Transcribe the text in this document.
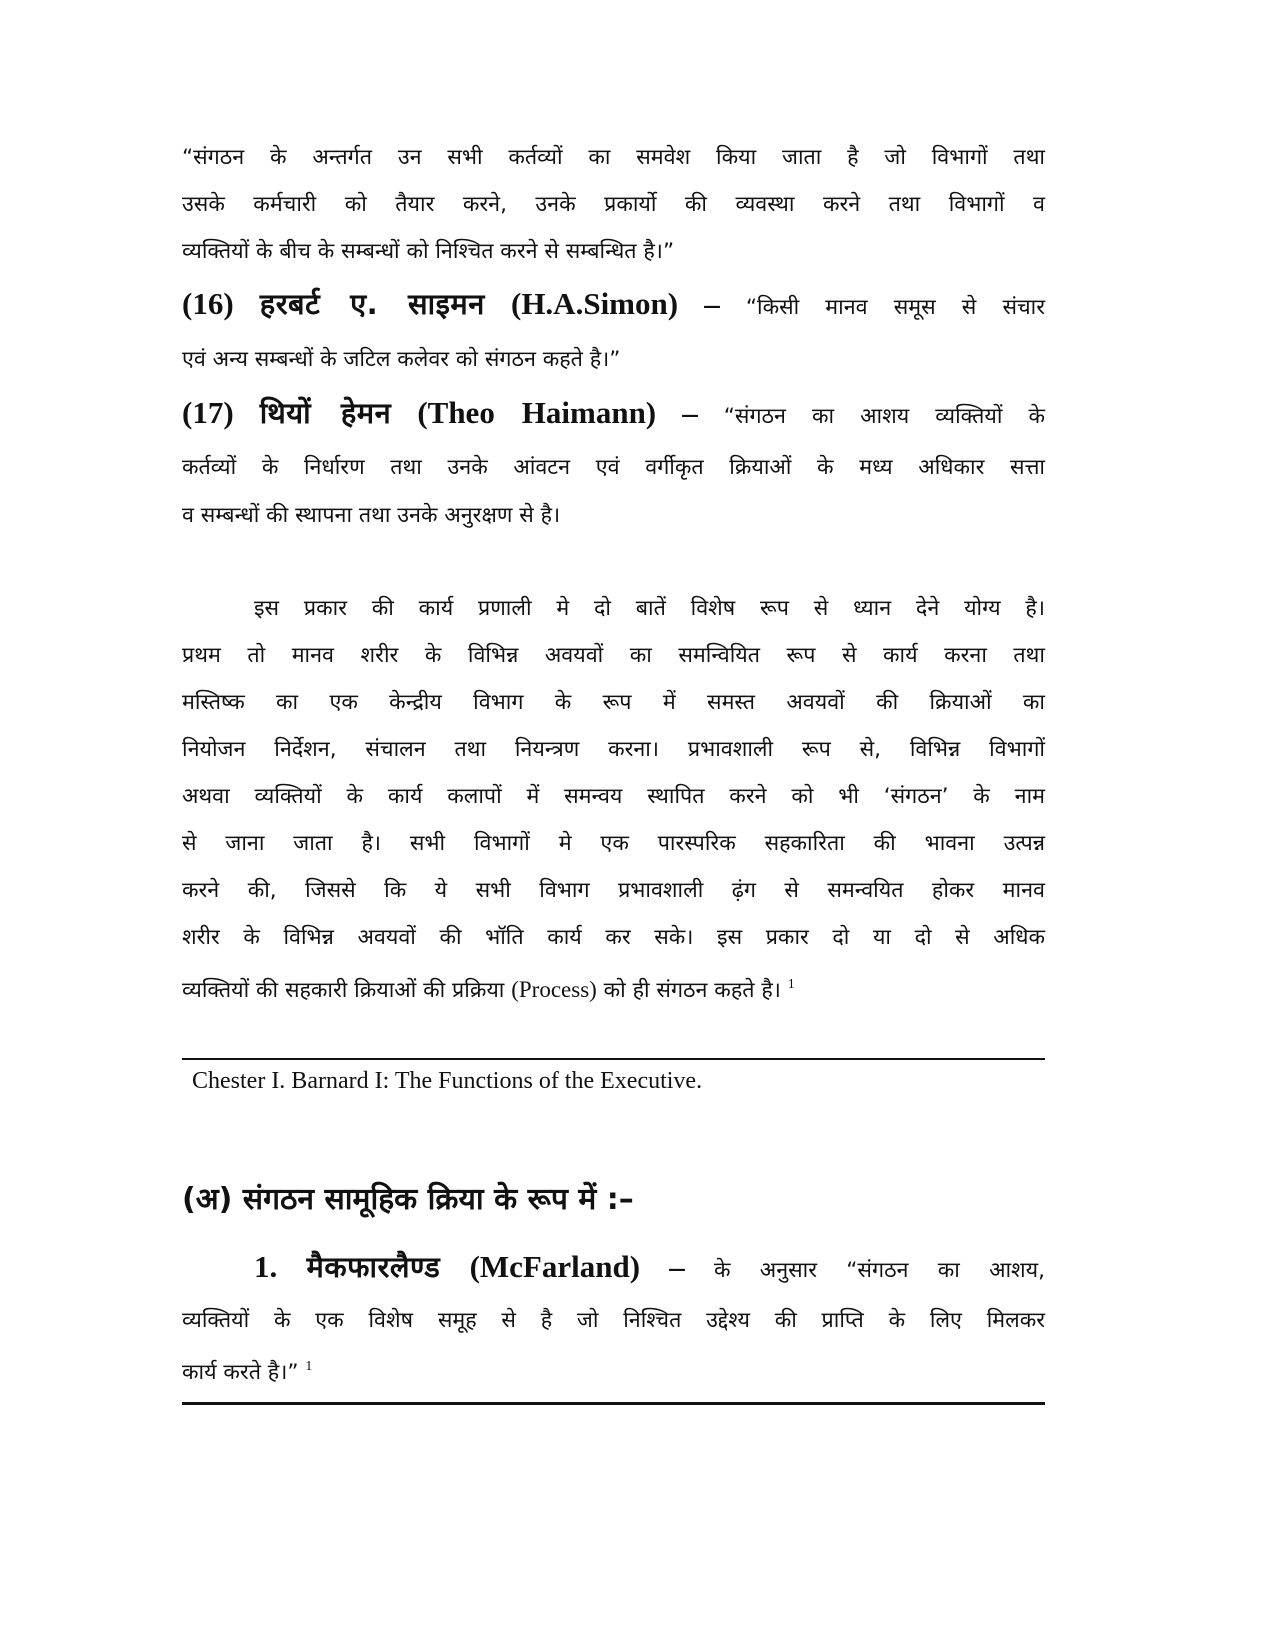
“संगठन के अन्तर्गत उन सभी कर्तव्यों का समवेश किया जाता है जो विभागों तथा
उसके कर्मचारी को तैयार करने, उनके प्रकार्यो की व्यवस्था करने तथा विभागों व
व्यक्तियों के बीच के सम्बन्धों को निश्चित करने से सम्बन्धित है।”
(16) हरबर्ट ए. साइमन (H.A.Simon) – “किसी मानव समूस से संचार
एवं अन्य सम्बन्धों के जटिल कलेवर को संगठन कहते है।”
(17) थियों हेमन (Theo Haimann) – “संगठन का आशय व्यक्तियों के
कर्तव्यों के निर्धारण तथा उनके आंवटन एवं वर्गीकृत क्रियाओं के मध्य अधिकार सत्ता
व सम्बन्धों की स्थापना तथा उनके अनुरक्षण से है।
इस प्रकार की कार्य प्रणाली मे दो बातें विशेष रूप से ध्यान देने योग्य है।
प्रथम तो मानव शरीर के विभिन्न अवयवों का समन्वियित रूप से कार्य करना तथा
मस्तिष्क का एक केन्द्रीय विभाग के रूप में समस्त अवयवों की क्रियाओं का
नियोजन निर्देशन, संचालन तथा नियन्त्रण करना। प्रभावशाली रूप से, विभिन्न विभागों
अथवा व्यक्तियों के कार्य कलापों में समन्वय स्थापित करने को भी ‘संगठन’ के नाम
से जाना जाता है। सभी विभागों मे एक पारस्परिक सहकारिता की भावना उत्पन्न
करने की, जिससे कि ये सभी विभाग प्रभावशाली ढ़ंग से समन्वयित होकर मानव
शरीर के विभिन्न अवयवों की भॉति कार्य कर सके। इस प्रकार दो या दो से अधिक
व्यक्तियों की सहकारी क्रियाओं की प्रक्रिया (Process) को ही संगठन कहते है। $^1$
Chester I. Barnard I: The Functions of the Executive.
(अ) संगठन सामूहिक क्रिया के रूप में :–
1. मैकफारलैण्ड (McFarland) – के अनुसार “संगठन का आशय,
व्यक्तियों के एक विशेष समूह से है जो निश्चित उद्देश्य की प्राप्ति के लिए मिलकर
कार्य करते है।” $^1$
